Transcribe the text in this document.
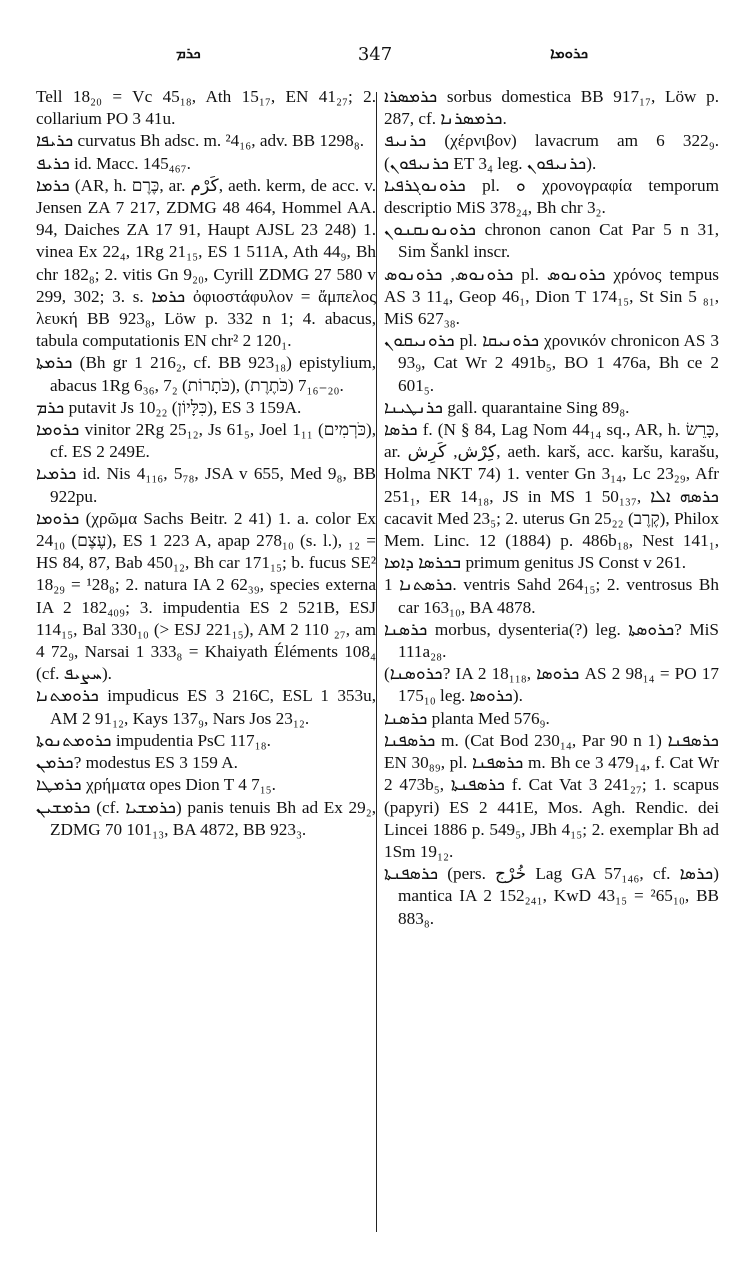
ܟܪܡ	347	ܟܪܘܡܐ
Tell 18₂₀ = Vc 45₁₈, Ath 15₁₇, EN 41₂₇; 2. collarium PO 3 41u.
ܟܪܝܦܐ curvatus Bh adsc. m. ²4₁₆, adv. BB 1298₈.
ܟܪܝܦ id. Macc. 145₄₆₇.
ܟܪܡܐ (AR, h. כֶּרֶם, ar. كَرْم, aeth. kerm, de acc. v. Jensen ZA 7 217, ZDMG 48 464, Hommel AA. 94, Daiches ZA 17 91, Haupt AJSL 23 248) 1. vinea Ex 22₄, 1Rg 21₁₅, ES 1 511A, Ath 44₉, Bh chr 182₈; 2. vitis Gn 9₂₀, Cyrill ZDMG 27 580 v 299, 302; 3. s. ܟܪܡܐ ὀφιοστάφυλον = ἄμπελος λευκή BB 923₈, Löw p. 332 n 1; 4. abacus, tabula computationis EN chr² 2 120₁.
ܟܪܡܬܐ (Bh gr 1 216₂, cf. BB 923₁₈) epistylium, abacus 1Rg 6₃₆, 7₂ (כֹּתָרוֹת), 7₁₆₋₂₀ (כֹּתֶרֶת).
ܟܪܡ putavit Js 10₂₂ (כִּלָּיוֹן), ES 3 159A.
ܟܪܘܡܐ vinitor 2Rg 25₁₂, Js 61₅, Joel 1₁₁ (כֹּרְמִים), cf. ES 2 249E.
ܟܪܡܝܐ id. Nis 4₁₁₆, 5₇₈, JSA v 655, Med 9₈, BB 922pu.
ܟܪܘܡܐ (χρῶμα Sachs Beitr. 2 41) 1. a. color Ex 24₁₀ (עֶצֶם), ES 1 223 A, apap 278₁₀ (s. l.), ₁₂ = HS 84, 87, Bab 450₁₂, Bh car 171₁₅; b. fucus SE² 18₂₉ = ¹28₈; 2. natura IA 2 62₃₉, species externa IA 2 182₄₀₉; 3. impudentia ES 2 521B, ESJ 114₁₅, Bal 330₁₀ (> ESJ 221₁₅), AM 2 110 ₂₇, am 4 72₉, Narsai 1 333₈ = Khaiyath Éléments 108₄ (cf. ܚܨܝܦ).
ܟܪܘܡܬܢܐ impudicus ES 3 216C, ESL 1 353u, AM 2 91₁₂, Kays 137₉, Nars Jos 23₁₂.
ܟܪܘܡܬܢܘܬܐ impudentia PsC 117₁₈.
ܟܪܡܢ? modestus ES 3 159 A.
ܟܪܡܛܐ χρήματα opes Dion T 4 7₁₅.
ܟܪܡܫܝܢ (cf. ܟܪܡܫܝܐ) panis tenuis Bh ad Ex 29₂, ZDMG 70 101₁₃, BA 4872, BB 923₃.
ܟܪܡܣܪܐ sorbus domestica BB 917₁₇, Löw p. 287, cf. ܟܪܡܣܪܢܐ.
ܟܪܢܝܦ (χέρνιβον) lavacrum am 6 322₉. (ܟܪܢܝܦܘܢ ET 3₄ leg. ܟܪܢܝܦܘܢ).
ܟܪܘܢܘܓܪܦܝܐ pl. ܘ χρονογραφία temporum descriptio MiS 378₂₄, Bh chr 3₂.
ܟܪܘܢܘܢܩܢܘܢ chronon canon Cat Par 5 n 31, Sim Šankl inscr.
ܟܪܘܢܘܣ, ܟܪܘܢܘܣ pl. ܟܪܘܢܘܣ χρόνος tempus AS 3 11₄, Geop 46₁, Dion T 174₁₅, St Sin 5 ₈₁, MiS 627₃₈.
ܟܪܘܢܝܩܘܢ pl. ܟܪܘܢܝܩܐ χρονικόν chronicon AS 3 93₉, Cat Wr 2 491b₅, BO 1 476a, Bh ce 2 601₅.
ܟܪܢܛܝܢܐ gall. quarantaine Sing 89₈.
ܟܪܣܐ f. (N § 84, Lag Nom 44₁₄ sq., AR, h. כָּרֵשׂ, ar. كِرْش, كَرِش, aeth. karš, acc. karšu, karašu, Holma NKT 74) 1. venter Gn 3₁₄, Lc 23₂₉, Afr 251₁, ER 14₁₈, JS in MS 1 50₁₃₇, ܟܪܣܗ ܐܠܐ cacavit Med 23₅; 2. uterus Gn 25₂₂ (קֶרֶב), Philox Mem. Linc. 12 (1884) p. 486b₁₈, Nest 141₁, ܒܟܪܣܐ ܕܐܡܐ primum genitus JS Const v 261.
ܟܪܣܬܢܐ 1. ventris Sahd 264₁₅; 2. ventrosus Bh car 163₁₀, BA 4878.
ܟܪܣܢܐ morbus, dysenteria(?) leg. ܟܪܘܣܬܐ? MiS 111a₂₈.
(ܟܪܘܣܢܐ? IA 2 18₁₁₈, ܟܪܘܣܐ AS 2 98₁₄ = PO 17 175₁₀ leg. ܟܪܘܣܐ).
ܟܪܣܢܐ planta Med 576₉.
ܟܪܣܦܢܐ m. (Cat Bod 230₁₄, Par 90 n 1) ܟܪܣܦܢܐ EN 30₈₉, pl. ܟܪܣܦܢܐ m. Bh ce 3 479₁₄, f. Cat Wr 2 473b₅, ܟܪܣܦܢܬܐ f. Cat Vat 3 241₂₇; 1. scapus (papyri) ES 2 441E, Mos. Agh. Rendic. dei Lincei 1886 p. 549₅, JBh 4₁₅; 2. exemplar Bh ad 1Sm 19₁₂.
ܟܪܣܦܢܬܐ (pers. خُرْج Lag GA 57₁₄₆, cf. ܟܪܣܐ) mantica IA 2 152₂₄₁, KwD 43₁₅ = ²65₁₀, BB 883₈.
